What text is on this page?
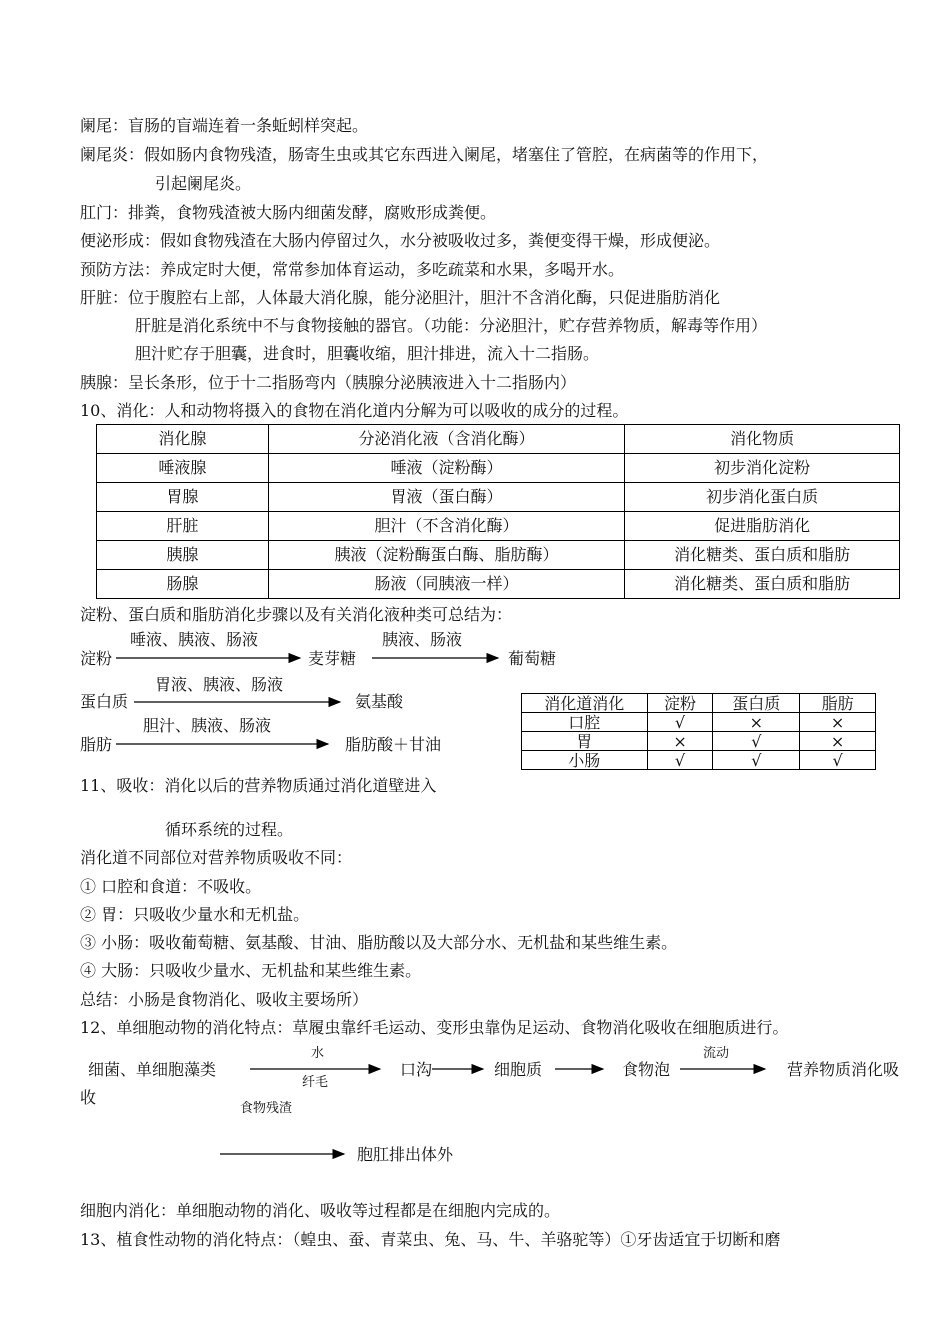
阑尾：盲肠的盲端连着一条蚯蚓样突起。
阑尾炎：假如肠内食物残渣，肠寄生虫或其它东西进入阑尾，堵塞住了管腔，在病菌等的作用下，
引起阑尾炎。
肛门：排粪，食物残渣被大肠内细菌发酵，腐败形成粪便。
便泌形成：假如食物残渣在大肠内停留过久，水分被吸收过多，粪便变得干燥，形成便泌。
预防方法：养成定时大便，常常参加体育运动，多吃疏菜和水果，多喝开水。
肝脏：位于腹腔右上部，人体最大消化腺，能分泌胆汁，胆汁不含消化酶，只促进脂肪消化
肝脏是消化系统中不与食物接触的器官。（功能：分泌胆汁，贮存营养物质，解毒等作用）
胆汁贮存于胆囊，进食时，胆囊收缩，胆汁排进，流入十二指肠。
胰腺：呈长条形，位于十二指肠弯内（胰腺分泌胰液进入十二指肠内）
10、消化：人和动物将摄入的食物在消化道内分解为可以吸收的成分的过程。
消化腺	分泌消化液（含消化酶）	消化物质
唾液腺	唾液（淀粉酶）	初步消化淀粉
胃腺	胃液（蛋白酶）	初步消化蛋白质
肝脏	胆汁（不含消化酶）	促进脂肪消化
胰腺	胰液（淀粉酶蛋白酶、脂肪酶）	消化糖类、蛋白质和脂肪
肠腺	肠液（同胰液一样）	消化糖类、蛋白质和脂肪
淀粉、蛋白质和脂肪消化步骤以及有关消化液种类可总结为：
唾液、胰液、肠液
淀粉	麦芽糖
胰液、肠液
葡萄糖
胃液、胰液、肠液
蛋白质	氨基酸
胆汁、胰液、肠液
脂肪	脂肪酸＋甘油
消化道消化	淀粉	蛋白质	脂肪
口腔	√	×	×
胃	×	√	×
小肠	√	√	√
11、吸收：消化以后的营养物质通过消化道壁进入
循环系统的过程。
消化道不同部位对营养物质吸收不同：
① 口腔和食道：不吸收。
② 胃：只吸收少量水和无机盐。
③ 小肠：吸收葡萄糖、氨基酸、甘油、脂肪酸以及大部分水、无机盐和某些维生素。
④ 大肠：只吸收少量水、无机盐和某些维生素。
总结：小肠是食物消化、吸收主要场所）
12、单细胞动物的消化特点：草履虫靠纤毛运动、变形虫靠伪足运动、食物消化吸收在细胞质进行。
水
细菌、单细胞藻类
纤毛
口沟	细胞质	食物泡
流动
营养物质消化吸
收
食物残渣
胞肛排出体外
细胞内消化：单细胞动物的消化、吸收等过程都是在细胞内完成的。
13、植食性动物的消化特点：（蝗虫、蚕、青菜虫、兔、马、牛、羊骆驼等）①牙齿适宜于切断和磨
